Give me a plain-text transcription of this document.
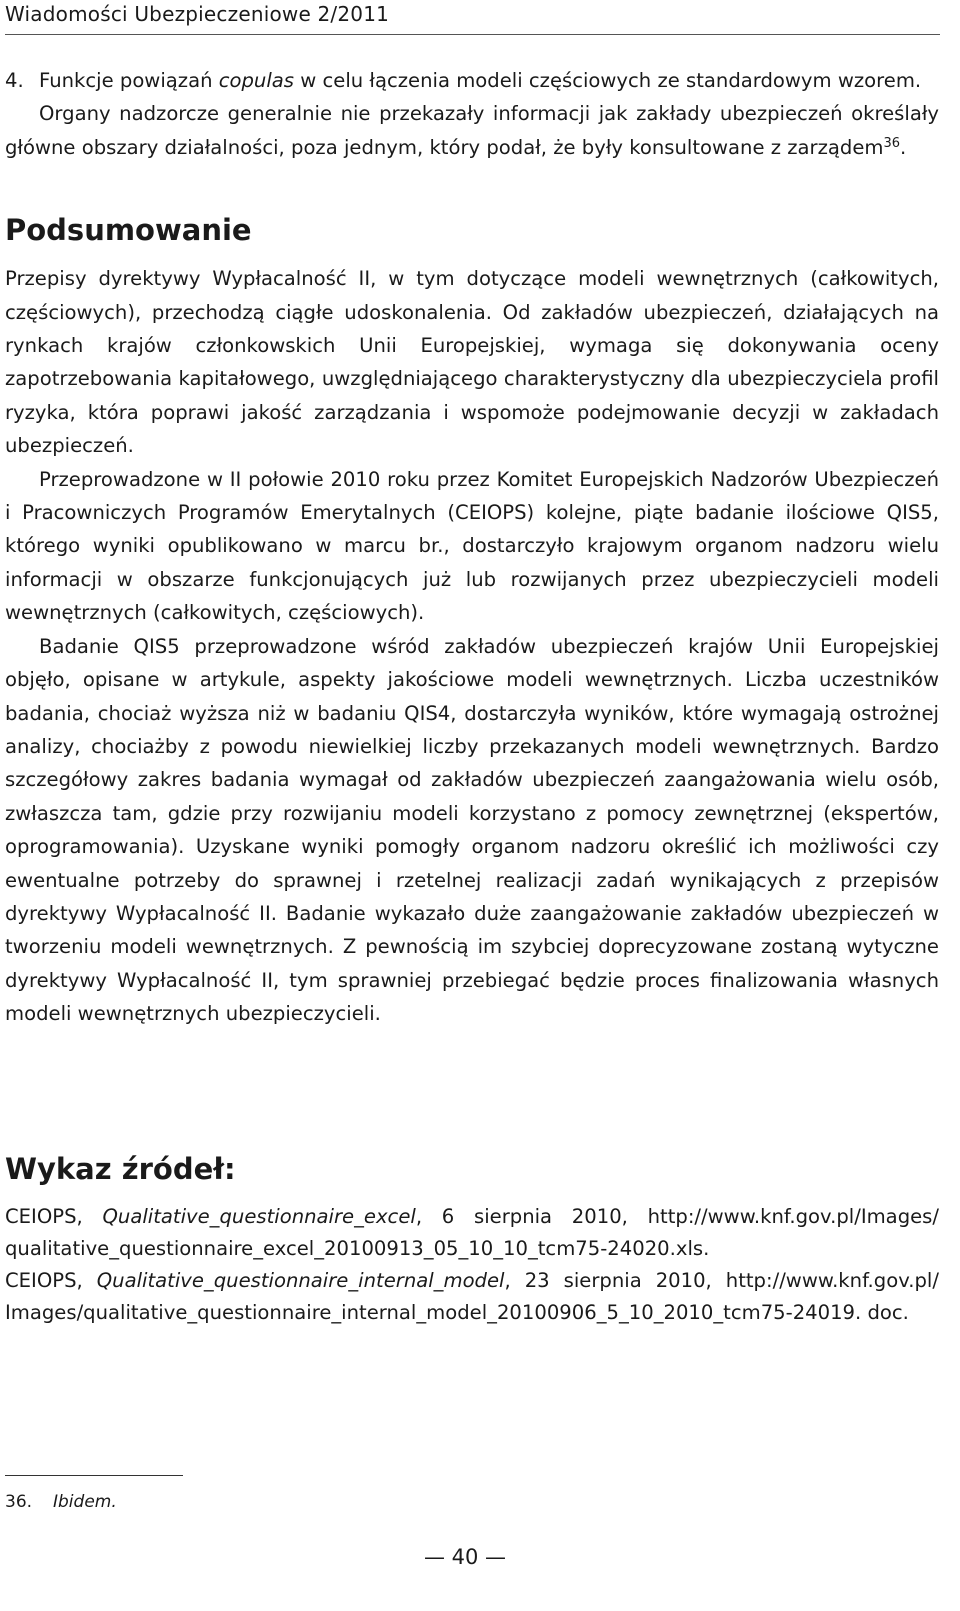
Wiadomości Ubezpieczeniowe 2/2011

4. Funkcje powiązań copulas w celu łączenia modeli częściowych ze standardowym wzorem.

Organy nadzorcze generalnie nie przekazały informacji jak zakłady ubezpieczeń określały główne obszary działalności, poza jednym, który podał, że były konsultowane z zarządem$^{36}$.

Podsumowanie

Przepisy dyrektywy Wypłacalność II, w tym dotyczące modeli wewnętrznych (całkowitych, częściowych), przechodzą ciągłe udoskonalenia. Od zakładów ubezpieczeń, działających na rynkach krajów członkowskich Unii Europejskiej, wymaga się dokonywania oceny zapotrzebowania kapitałowego, uwzględniającego charakterystyczny dla ubezpieczyciela profil ryzyka, która poprawi jakość zarządzania i wspomoże podejmowanie decyzji w zakładach ubezpieczeń.

Przeprowadzone w II połowie 2010 roku przez Komitet Europejskich Nadzorów Ubezpieczeń i Pracowniczych Programów Emerytalnych (CEIOPS) kolejne, piąte badanie ilościowe QIS5, którego wyniki opublikowano w marcu br., dostarczyło krajowym organom nadzoru wielu informacji w obszarze funkcjonujących już lub rozwijanych przez ubezpieczycieli modeli wewnętrznych (całkowitych, częściowych).

Badanie QIS5 przeprowadzone wśród zakładów ubezpieczeń krajów Unii Europejskiej objęło, opisane w artykule, aspekty jakościowe modeli wewnętrznych. Liczba uczestników badania, chociaż wyższa niż w badaniu QIS4, dostarczyła wyników, które wymagają ostrożnej analizy, chociażby z powodu niewielkiej liczby przekazanych modeli wewnętrznych. Bardzo szczegółowy zakres badania wymagał od zakładów ubezpieczeń zaangażowania wielu osób, zwłaszcza tam, gdzie przy rozwijaniu modeli korzystano z pomocy zewnętrznej (ekspertów, oprogramowania). Uzyskane wyniki pomogły organom nadzoru określić ich możliwości czy ewentualne potrzeby do sprawnej i rzetelnej realizacji zadań wynikających z przepisów dyrektywy Wypłacalność II. Badanie wykazało duże zaangażowanie zakładów ubezpieczeń w tworzeniu modeli wewnętrznych. Z pewnością im szybciej doprecyzowane zostaną wytyczne dyrektywy Wypłacalność II, tym sprawniej przebiegać będzie proces finalizowania własnych modeli wewnętrznych ubezpieczycieli.

Wykaz źródeł:

CEIOPS, Qualitative_questionnaire_excel, 6 sierpnia 2010, http://www.knf.gov.pl/Images/ qualitative_questionnaire_excel_20100913_05_10_10_tcm75-24020.xls.

CEIOPS, Qualitative_questionnaire_internal_model, 23 sierpnia 2010, http://www.knf.gov.pl/ Images/qualitative_questionnaire_internal_model_20100906_5_10_2010_tcm75-24019. doc.

36. Ibidem.
— 40 —
